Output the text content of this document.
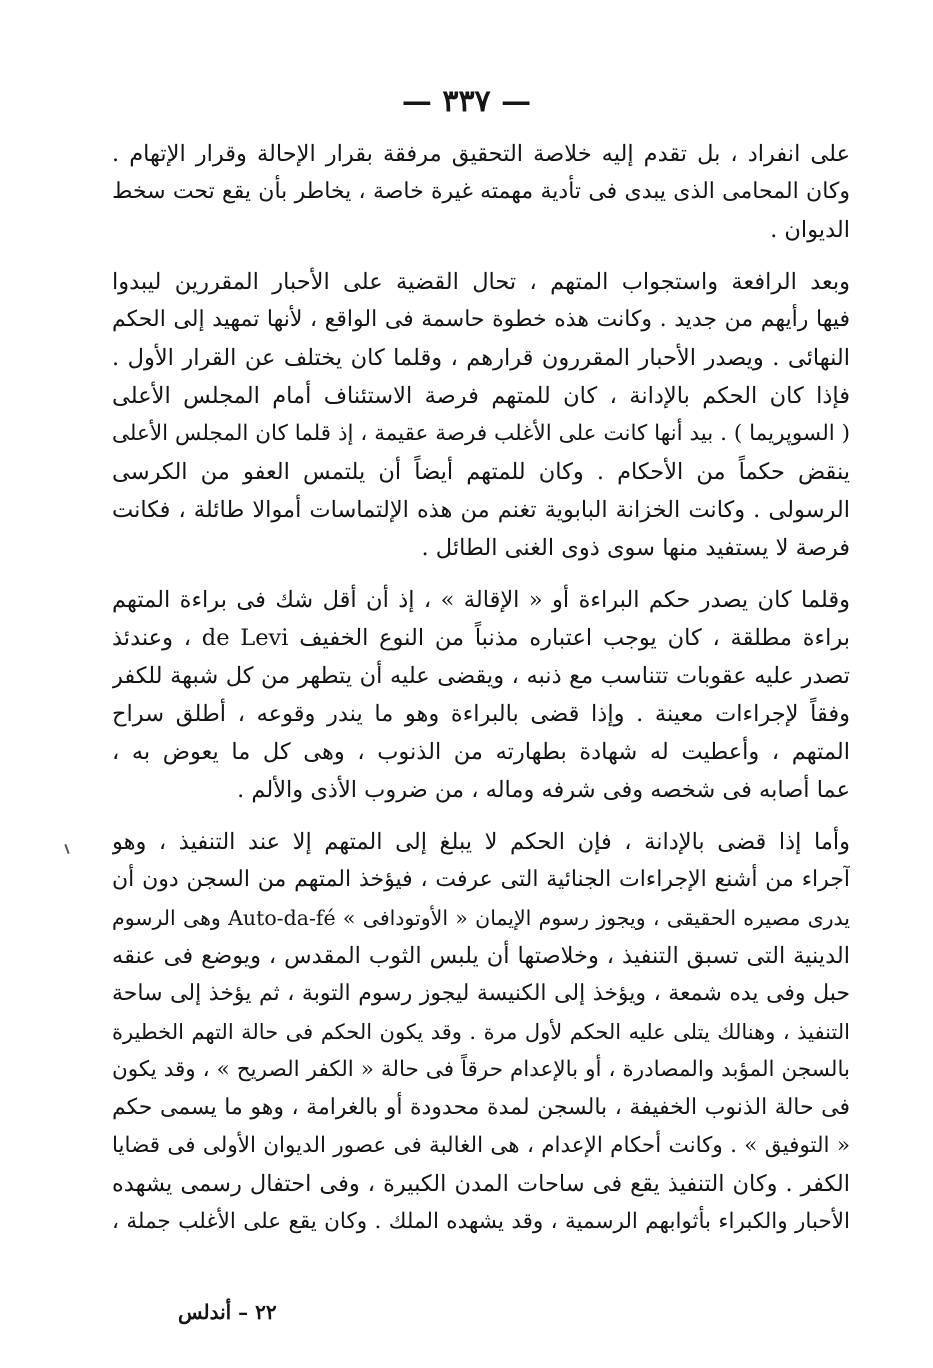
— ٣٣٧ —
على انفراد ، بل تقدم إليه خلاصة التحقيق مرفقة بقرار الإحالة وقرار الإتهام .
وكان المحامى الذى يبدى فى تأدية مهمته غيرة خاصة ، يخاطر بأن يقع تحت سخط
الديوان .
وبعد الرافعة واستجواب المتهم ، تحال القضية على الأحبار المقررين ليبدوا
فيها رأيهم من جديد . وكانت هذه خطوة حاسمة فى الواقع ، لأنها تمهيد إلى الحكم
النهائى . ويصدر الأحبار المقررون قرارهم ، وقلما كان يختلف عن القرار الأول .
فإذا كان الحكم بالإدانة ، كان للمتهم فرصة الاستئناف أمام المجلس الأعلى
( السوپريما ) . بيد أنها كانت على الأغلب فرصة عقيمة ، إذ قلما كان المجلس الأعلى
ينقض حكماً من الأحكام . وكان للمتهم أيضاً أن يلتمس العفو من الكرسى
الرسولى . وكانت الخزانة البابوية تغنم من هذه الإلتماسات أموالا طائلة ، فكانت
فرصة لا يستفيد منها سوى ذوى الغنى الطائل .
وقلما كان يصدر حكم البراءة أو « الإقالة » ، إذ أن أقل شك فى براءة المتهم
براءة مطلقة ، كان يوجب اعتباره مذنباً من النوع الخفيف de Levi ، وعندئذ
تصدر عليه عقوبات تتناسب مع ذنبه ، ويقضى عليه أن يتطهر من كل شبهة للكفر
وفقاً لإجراءات معينة . وإذا قضى بالبراءة وهو ما يندر وقوعه ، أطلق سراح
المتهم ، وأعطيت له شهادة بطهارته من الذنوب ، وهى كل ما يعوض به ،
عما أصابه فى شخصه وفى شرفه وماله ، من ضروب الأذى والألم .
وأما إذا قضى بالإدانة ، فإن الحكم لا يبلغ إلى المتهم إلا عند التنفيذ ، وهو
آجراء من أشنع الإجراءات الجنائية التى عرفت ، فيؤخذ المتهم من السجن دون أن
يدرى مصيره الحقيقى ، ويجوز رسوم الإيمان « الأوتودافى » Auto-da-fé وهى الرسوم
الدينية التى تسبق التنفيذ ، وخلاصتها أن يلبس الثوب المقدس ، ويوضع فى عنقه
حبل وفى يده شمعة ، ويؤخذ إلى الكنيسة ليجوز رسوم التوبة ، ثم يؤخذ إلى ساحة
التنفيذ ، وهنالك يتلى عليه الحكم لأول مرة . وقد يكون الحكم فى حالة التهم الخطيرة
بالسجن المؤبد والمصادرة ، أو بالإعدام حرقاً فى حالة « الكفر الصريح » ، وقد يكون
فى حالة الذنوب الخفيفة ، بالسجن لمدة محدودة أو بالغرامة ، وهو ما يسمى حكم
« التوفيق » . وكانت أحكام الإعدام ، هى الغالبة فى عصور الديوان الأولى فى قضايا
الكفر . وكان التنفيذ يقع فى ساحات المدن الكبيرة ، وفى احتفال رسمى يشهده
الأحبار والكبراء بأثوابهم الرسمية ، وقد يشهده الملك . وكان يقع على الأغلب جملة ،
٢٢ – أندلس
